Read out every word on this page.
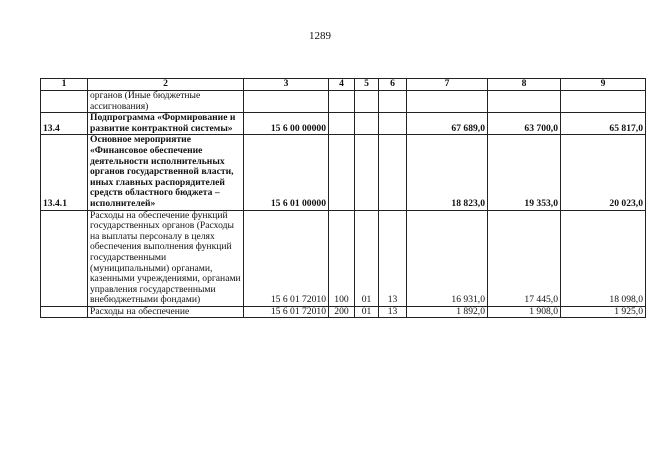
1289
1	2	3	4	5	6	7	8	9
	органов (Иные бюджетные ассигнования)							
13.4	Подпрограмма «Формирование и развитие контрактной системы»	15 6 00 00000				67 689,0	63 700,0	65 817,0
13.4.1	Основное мероприятие «Финансовое обеспечение деятельности исполнительных органов государственной власти, иных главных распорядителей средств областного бюджета – исполнителей»	15 6 01 00000				18 823,0	19 353,0	20 023,0
	Расходы на обеспечение функций государственных органов (Расходы на выплаты персоналу в целях обеспечения выполнения функций государственными (муниципальными) органами, казенными учреждениями, органами управления государственными внебюджетными фондами)	15 6 01 72010	100	01	13	16 931,0	17 445,0	18 098,0
	Расходы на обеспечение	15 6 01 72010	200	01	13	1 892,0	1 908,0	1 925,0
